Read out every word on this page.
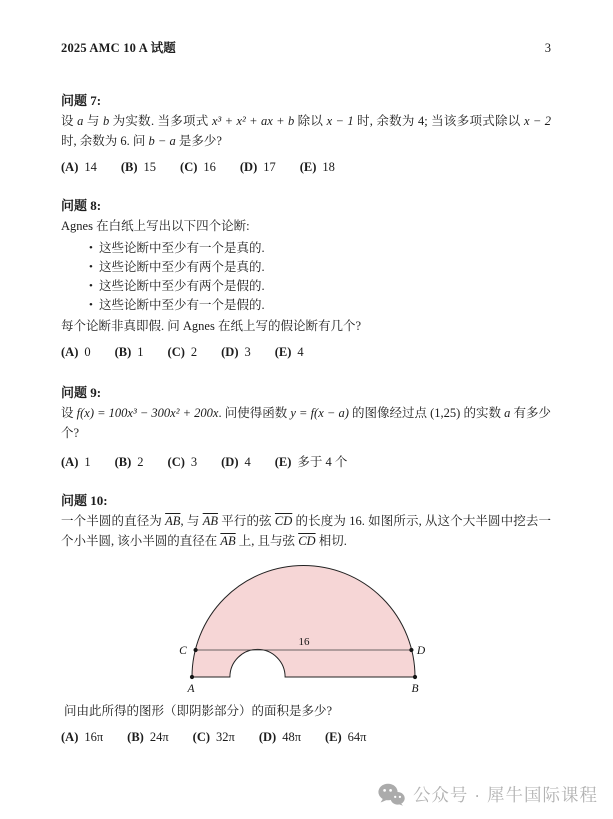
2025 AMC 10 A 试题	3
问题 7:
设 a 与 b 为实数. 当多项式 x³ + x² + ax + b 除以 x − 1 时, 余数为 4; 当该多项式除以 x − 2 时, 余数为 6. 问 b − a 是多少?
(A) 14 (B) 15 (C) 16 (D) 17 (E) 18
问题 8:
Agnes 在白纸上写出以下四个论断:
• 这些论断中至少有一个是真的.
• 这些论断中至少有两个是真的.
• 这些论断中至少有两个是假的.
• 这些论断中至少有一个是假的.
每个论断非真即假. 问 Agnes 在纸上写的假论断有几个?
(A) 0 (B) 1 (C) 2 (D) 3 (E) 4
问题 9:
设 f(x) = 100x³ − 300x² + 200x. 问使得函数 y = f(x − a) 的图像经过点 (1,25) 的实数 a 有多少个?
(A) 1 (B) 2 (C) 3 (D) 4 (E) 多于 4 个
问题 10:
一个半圆的直径为 $\overline{AB}$, 与 $\overline{AB}$ 平行的弦 $\overline{CD}$ 的长度为 16. 如图所示, 从这个大半圆中挖去一个小半圆, 该小半圆的直径在 $\overline{AB}$ 上, 且与弦 $\overline{CD}$ 相切.
C	D
A	B
16
问由此所得的图形（即阴影部分）的面积是多少?
(A) 16π (B) 24π (C) 32π (D) 48π (E) 64π
公众号 · 犀牛国际课程
